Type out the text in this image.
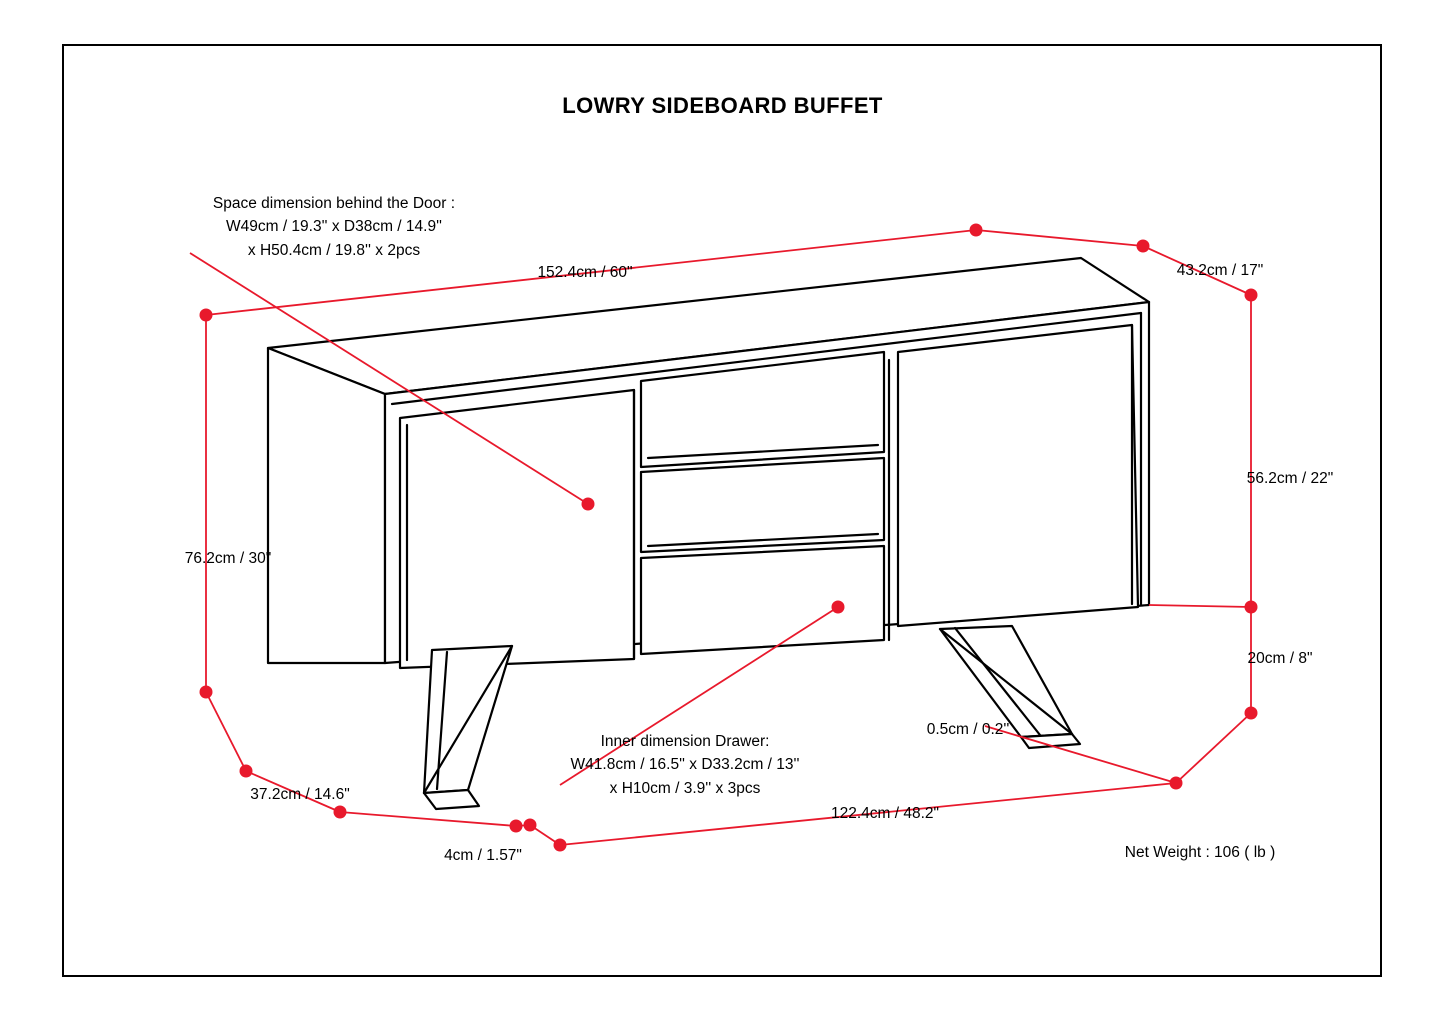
LOWRY SIDEBOARD BUFFET
Space dimension behind the Door :
W49cm / 19.3'' x D38cm / 14.9''
x H50.4cm / 19.8'' x 2pcs
Inner dimension Drawer:
W41.8cm / 16.5'' x D33.2cm / 13''
x H10cm / 3.9'' x 3pcs
152.4cm / 60"	43.2cm / 17"
56.2cm / 22"
20cm / 8"
76.2cm / 30"
37.2cm / 14.6"
4cm / 1.57"
122.4cm / 48.2"
0.5cm / 0.2''
Net Weight : 106 ( lb )
